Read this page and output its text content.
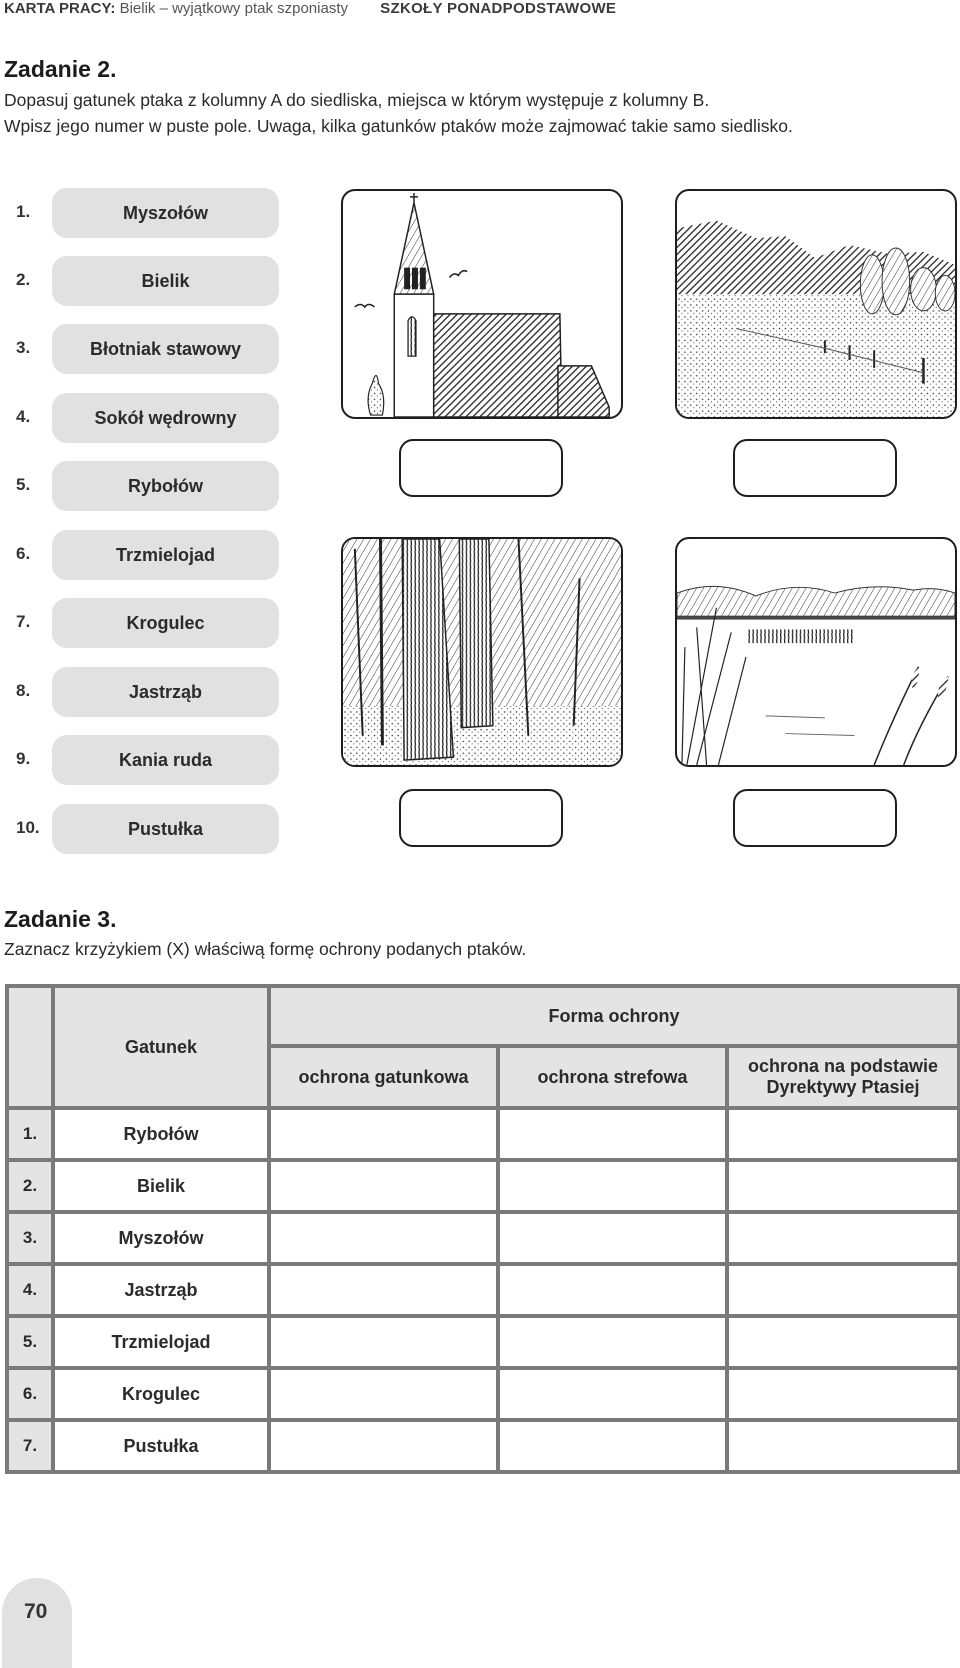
KARTA PRACY: Bielik – wyjątkowy ptak szponiasty SZKOŁY PONADPODSTAWOWE
Zadanie 2.
Dopasuj gatunek ptaka z kolumny A do siedliska, miejsca w którym występuje z kolumny B.
Wpisz jego numer w puste pole. Uwaga, kilka gatunków ptaków może zajmować takie samo siedlisko.
1.	Myszołów
2.	Bielik
3.	Błotniak stawowy
4.	Sokół wędrowny
5.	Rybołów
6.	Trzmielojad
7.	Krogulec
8.	Jastrząb
9.	Kania ruda
10.	Pustułka
Zadanie 3.
Zaznacz krzyżykiem (X) właściwą formę ochrony podanych ptaków.
	Gatunek	Forma ochrony		
		ochrona gatunkowa	ochrona strefowa	ochrona na podstawie
Dyrektywy Ptasiej

1.	Rybołów			
2.	Bielik			
3.	Myszołów			
4.	Jastrząb			
5.	Trzmielojad			
6.	Krogulec			
7.	Pustułka			
70
